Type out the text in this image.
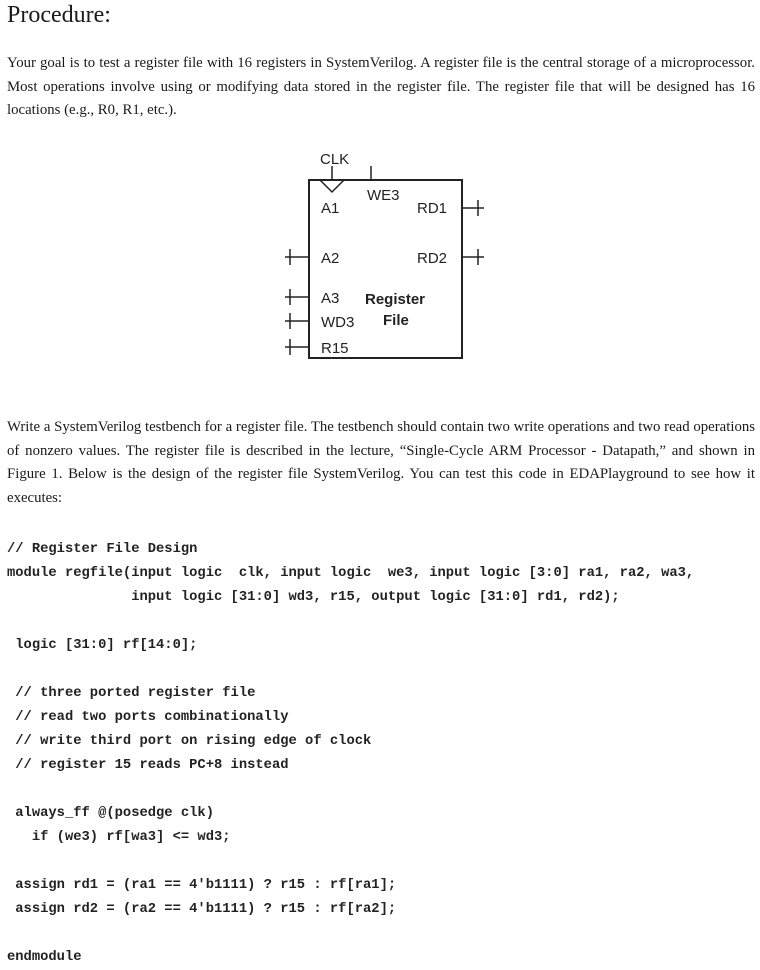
Procedure:
Your goal is to test a register file with 16 registers in SystemVerilog. A register file is the central storage of a microprocessor. Most operations involve using or modifying data stored in the register file. The register file that will be designed has 16 locations (e.g., R0, R1, etc.).
CLK
WE3
A1	RD1
A2	RD2
A3
WD3
R15
Register
File
Write a SystemVerilog testbench for a register file. The testbench should contain two write operations and two read operations of nonzero values. The register file is described in the lecture, “Single-Cycle ARM Processor - Datapath,” and shown in Figure 1. Below is the design of the register file SystemVerilog. You can test this code in EDAPlayground to see how it executes:
// Register File Design
module regfile(input logic  clk, input logic  we3, input logic [3:0] ra1, ra2, wa3,
input logic [31:0] wd3, r15, output logic [31:0] rd1, rd2);

logic [31:0] rf[14:0];

// three ported register file
// read two ports combinationally
// write third port on rising edge of clock
// register 15 reads PC+8 instead

always_ff @(posedge clk)
if (we3) rf[wa3] <= wd3;

assign rd1 = (ra1 == 4'b1111) ? r15 : rf[ra1];
assign rd2 = (ra2 == 4'b1111) ? r15 : rf[ra2];

endmodule
